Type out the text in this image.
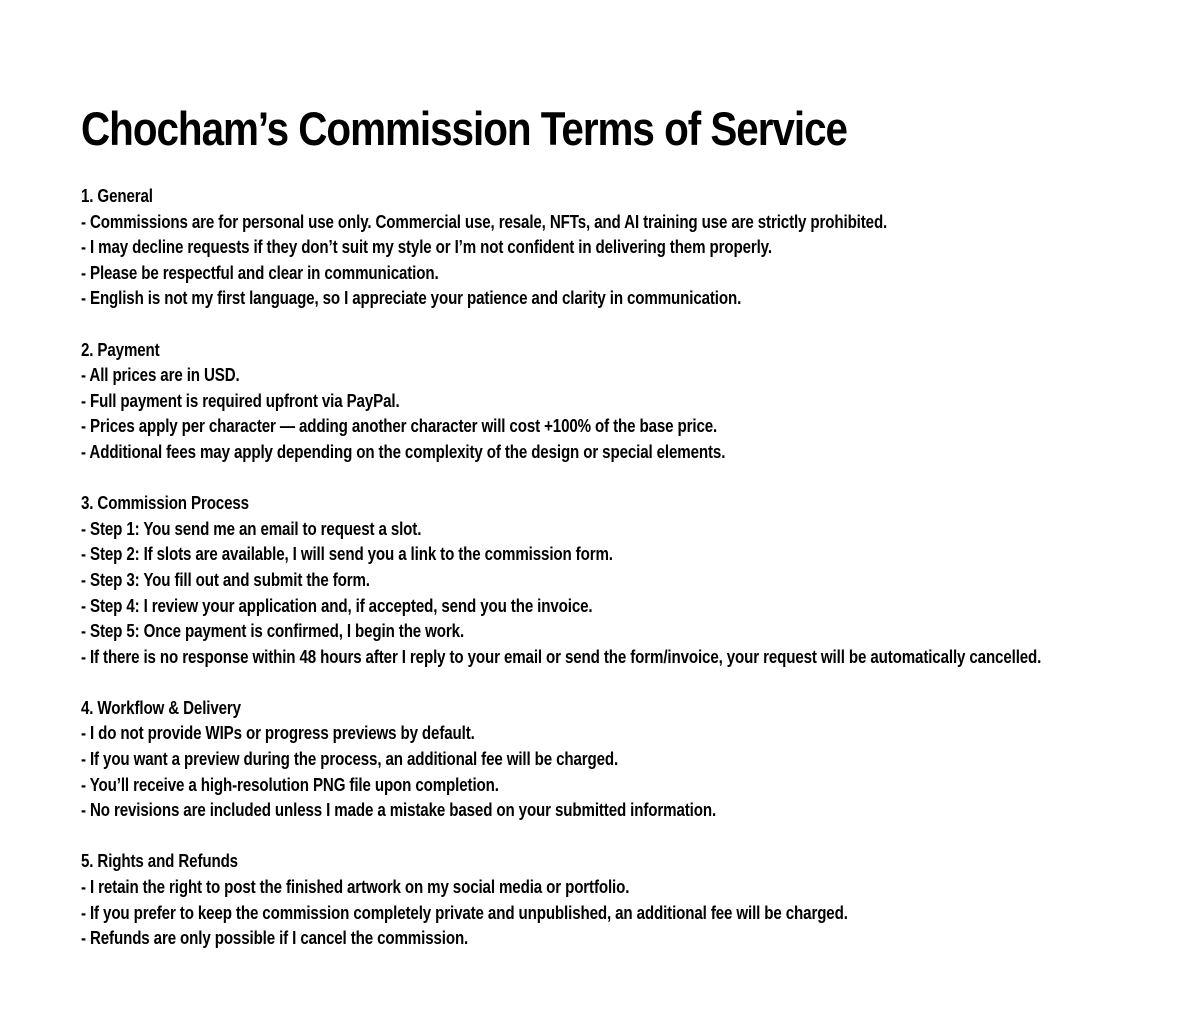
Chocham’s Commission Terms of Service
1. General
- Commissions are for personal use only. Commercial use, resale, NFTs, and AI training use are strictly prohibited.
- I may decline requests if they don’t suit my style or I’m not confident in delivering them properly.
- Please be respectful and clear in communication.
- English is not my first language, so I appreciate your patience and clarity in communication.
2. Payment
- All prices are in USD.
- Full payment is required upfront via PayPal.
- Prices apply per character — adding another character will cost +100% of the base price.
- Additional fees may apply depending on the complexity of the design or special elements.
3. Commission Process
- Step 1: You send me an email to request a slot.
- Step 2: If slots are available, I will send you a link to the commission form.
- Step 3: You fill out and submit the form.
- Step 4: I review your application and, if accepted, send you the invoice.
- Step 5: Once payment is confirmed, I begin the work.
- If there is no response within 48 hours after I reply to your email or send the form/invoice, your request will be automatically cancelled.
4. Workflow & Delivery
- I do not provide WIPs or progress previews by default.
- If you want a preview during the process, an additional fee will be charged.
- You’ll receive a high-resolution PNG file upon completion.
- No revisions are included unless I made a mistake based on your submitted information.
5. Rights and Refunds
- I retain the right to post the finished artwork on my social media or portfolio.
- If you prefer to keep the commission completely private and unpublished, an additional fee will be charged.
- Refunds are only possible if I cancel the commission.
